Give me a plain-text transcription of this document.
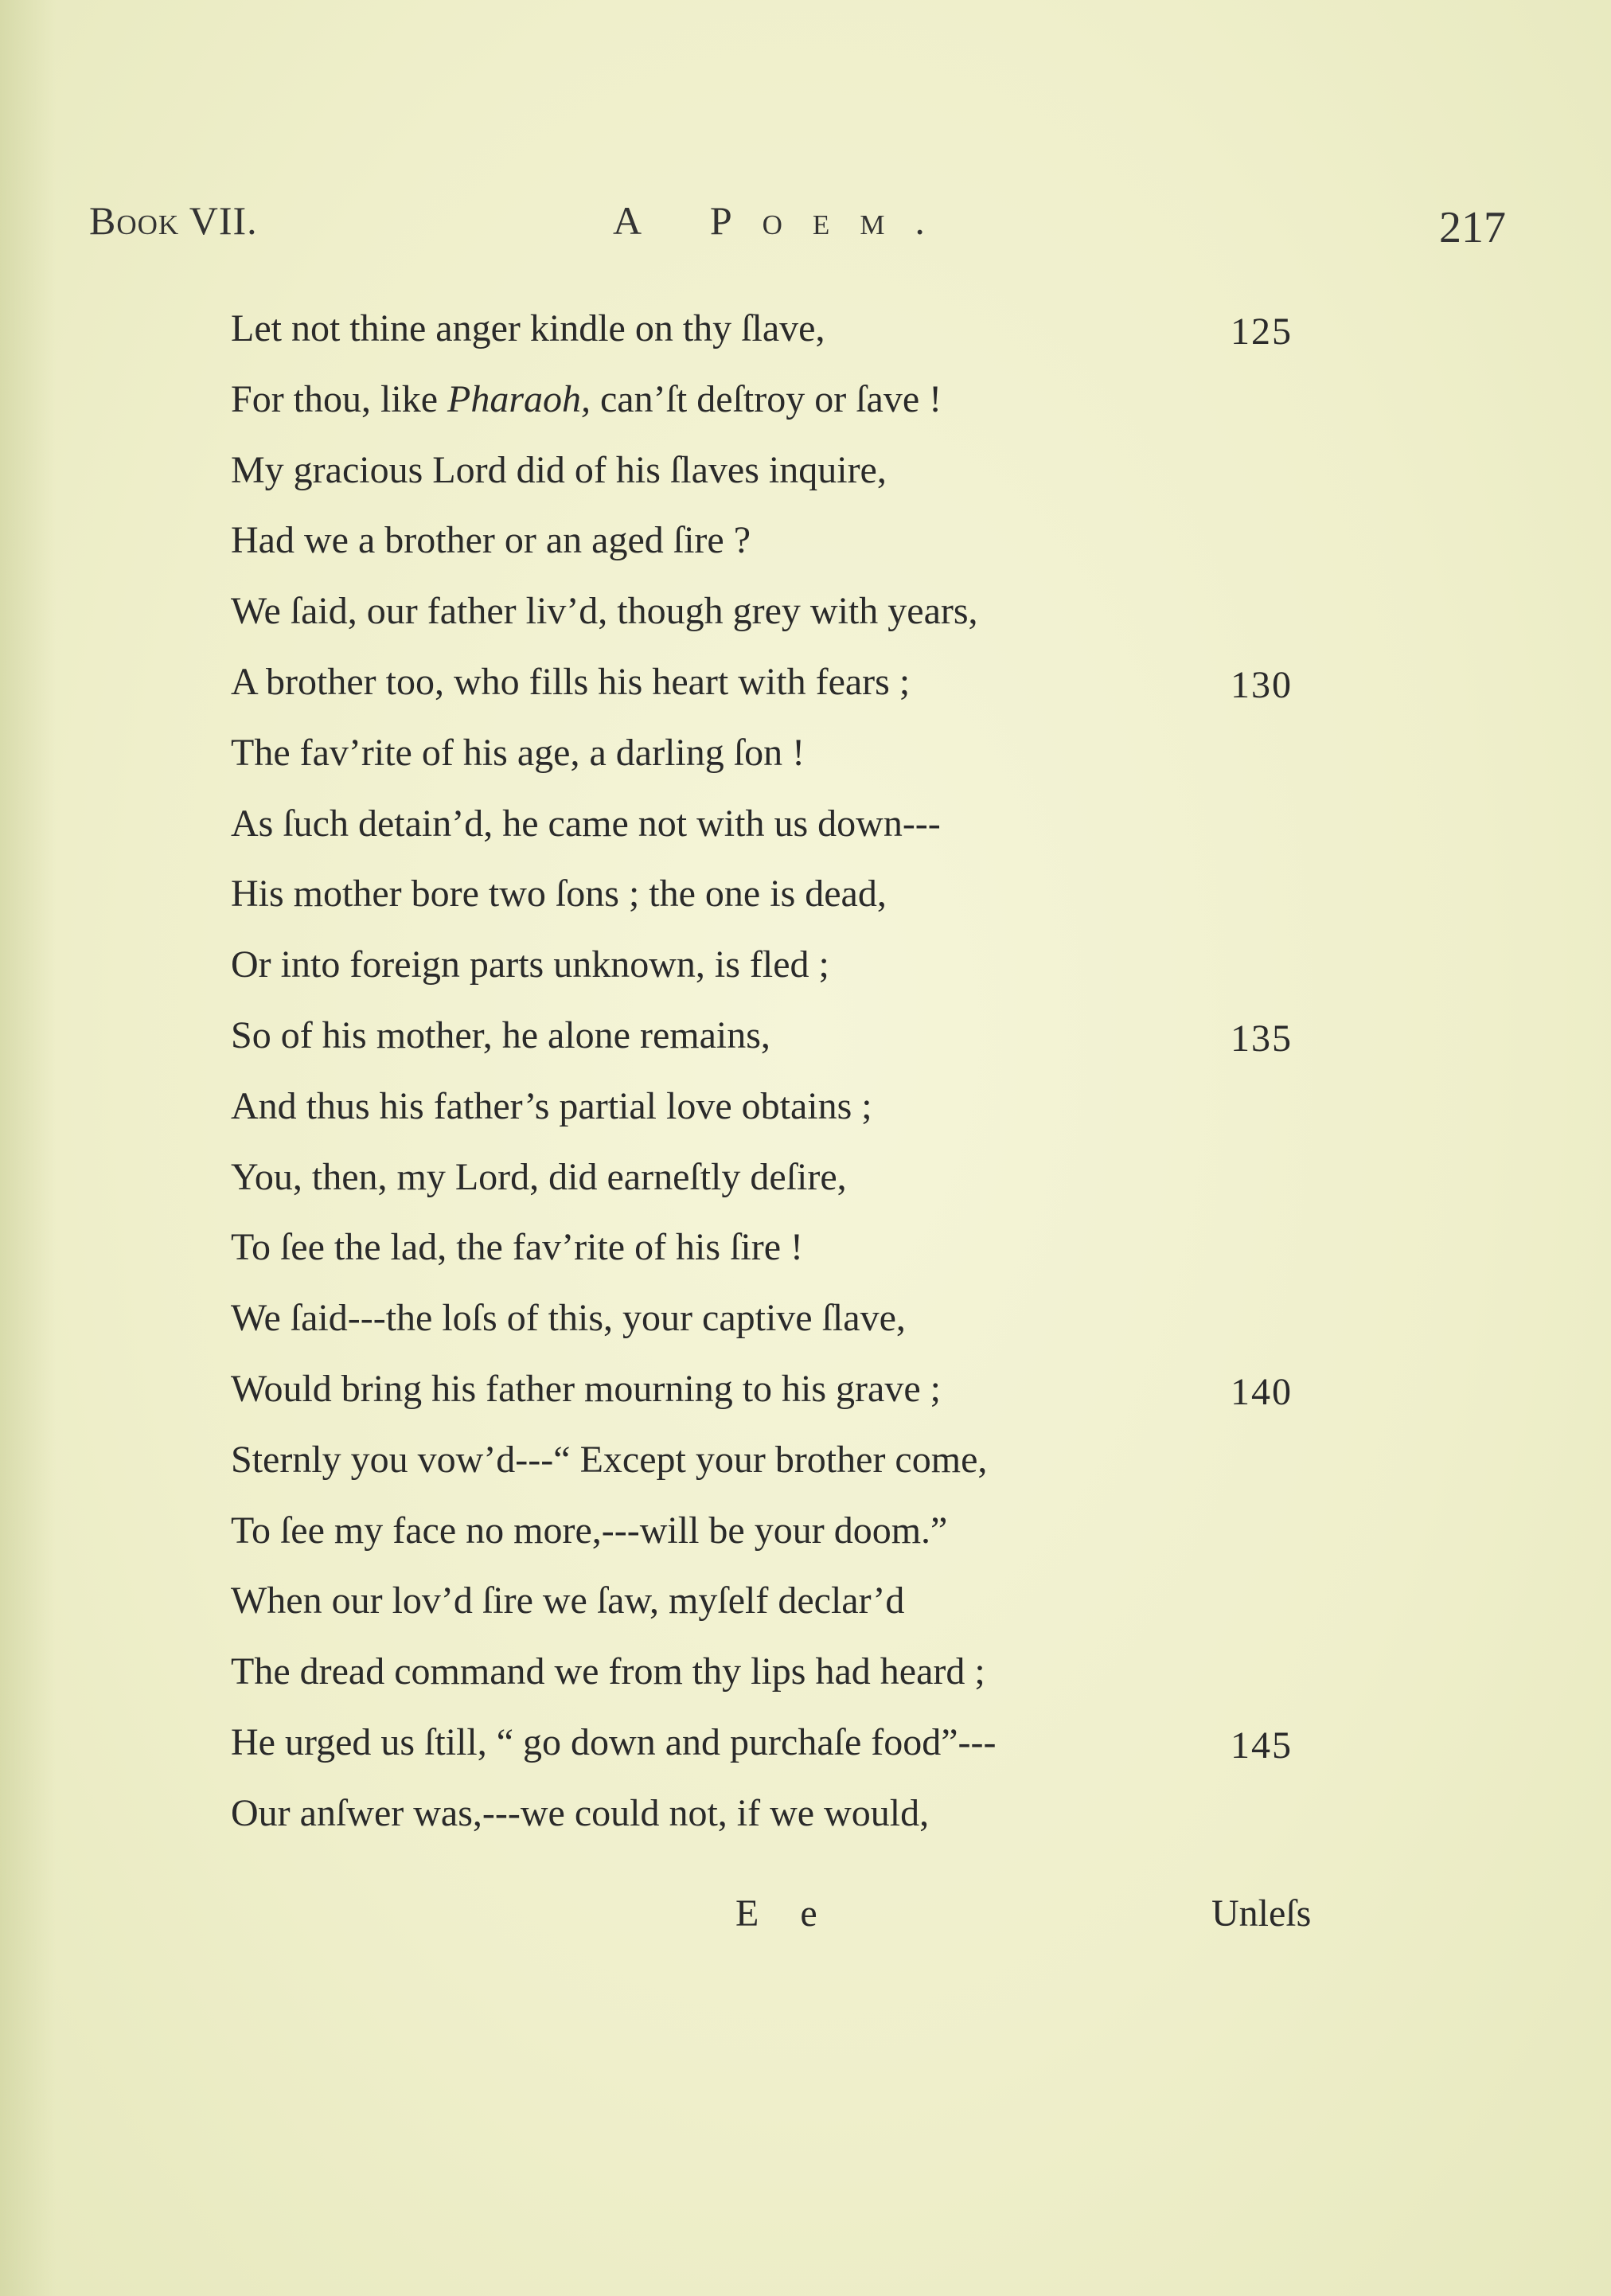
Book VII.	A Poem.	217
Let not thine anger kindle on thy ſlave,	125
For thou, like Pharaoh, can’ſt deſtroy or ſave !
My gracious Lord did of his ſlaves inquire,
Had we a brother or an aged ſire ?
We ſaid, our father liv’d, though grey with years,
A brother too, who fills his heart with fears ;	130
The fav’rite of his age, a darling ſon !
As ſuch detain’d, he came not with us down---
His mother bore two ſons ; the one is dead,
Or into foreign parts unknown, is fled ;
So of his mother, he alone remains,	135
And thus his father’s partial love obtains ;
You, then, my Lord, did earneſtly deſire,
To ſee the lad, the fav’rite of his ſire !
We ſaid---the loſs of this, your captive ſlave,
Would bring his father mourning to his grave ;	140
Sternly you vow’d---“ Except your brother come,
To ſee my face no more,---will be your doom.”
When our lov’d ſire we ſaw, myſelf declar’d
The dread command we from thy lips had heard ;
He urged us ſtill, “ go down and purchaſe food”---	145
Our anſwer was,---we could not, if we would,
E e	Unleſs
